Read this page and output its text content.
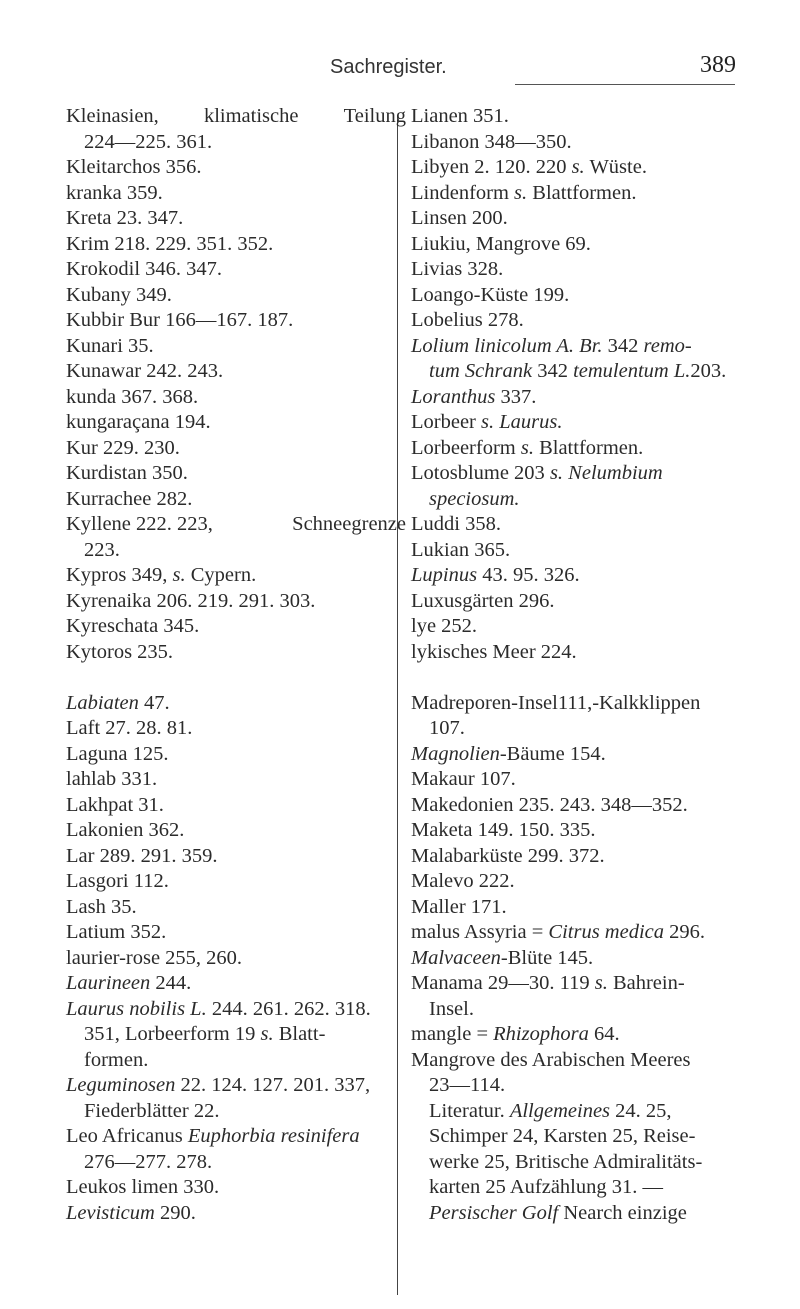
Sachregister.	389
Kleinasien, klimatische Teilung
224—225. 361.
Kleitarchos 356.
kranka 359.
Kreta 23. 347.
Krim 218. 229. 351. 352.
Krokodil 346. 347.
Kubany 349.
Kubbir Bur 166—167. 187.
Kunari 35.
Kunawar 242. 243.
kunda 367. 368.
kungaraçana 194.
Kur 229. 230.
Kurdistan 350.
Kurrachee 282.
Kyllene 222. 223,	Schneegrenze
223.
Kypros 349, s. Cypern.
Kyrenaika 206. 219. 291. 303.
Kyreschata 345.
Kytoros 235.
Labiaten 47.
Laft 27. 28. 81.
Laguna 125.
lahlab 331.
Lakhpat 31.
Lakonien 362.
Lar 289. 291. 359.
Lasgori 112.
Lash 35.
Latium 352.
laurier-rose 255, 260.
Laurineen 244.
Laurus nobilis L. 244. 261. 262. 318.
351, Lorbeerform 19 s. Blatt-
formen.
Leguminosen 22. 124. 127. 201. 337,
Fiederblätter 22.
Leo Africanus Euphorbia resinifera
276—277. 278.
Leukos limen 330.
Levisticum 290.
Lianen 351.
Libanon 348—350.
Libyen 2. 120. 220 s. Wüste.
Lindenform s. Blattformen.
Linsen 200.
Liukiu, Mangrove 69.
Livias 328.
Loango-Küste 199.
Lobelius 278.
Lolium linicolum A. Br. 342 remo-
tum Schrank 342 temulentum L.203.
Loranthus 337.
Lorbeer s. Laurus.
Lorbeerform s. Blattformen.
Lotosblume 203 s. Nelumbium
speciosum.
Luddi 358.
Lukian 365.
Lupinus 43. 95. 326.
Luxusgärten 296.
lye 252.
lykisches Meer 224.
Madreporen-Insel111,-Kalkklippen
107.
Magnolien-Bäume 154.
Makaur 107.
Makedonien 235. 243. 348—352.
Maketa 149. 150. 335.
Malabarküste 299. 372.
Malevo 222.
Maller 171.
malus Assyria = Citrus medica 296.
Malvaceen-Blüte 145.
Manama 29—30. 119 s. Bahrein-
Insel.
mangle = Rhizophora 64.
Mangrove des Arabischen Meeres
23—114.
Literatur. Allgemeines 24. 25,
Schimper 24, Karsten 25, Reise-
werke 25, Britische Admiralitäts-
karten 25 Aufzählung 31. —
Persischer Golf Nearch einzige
